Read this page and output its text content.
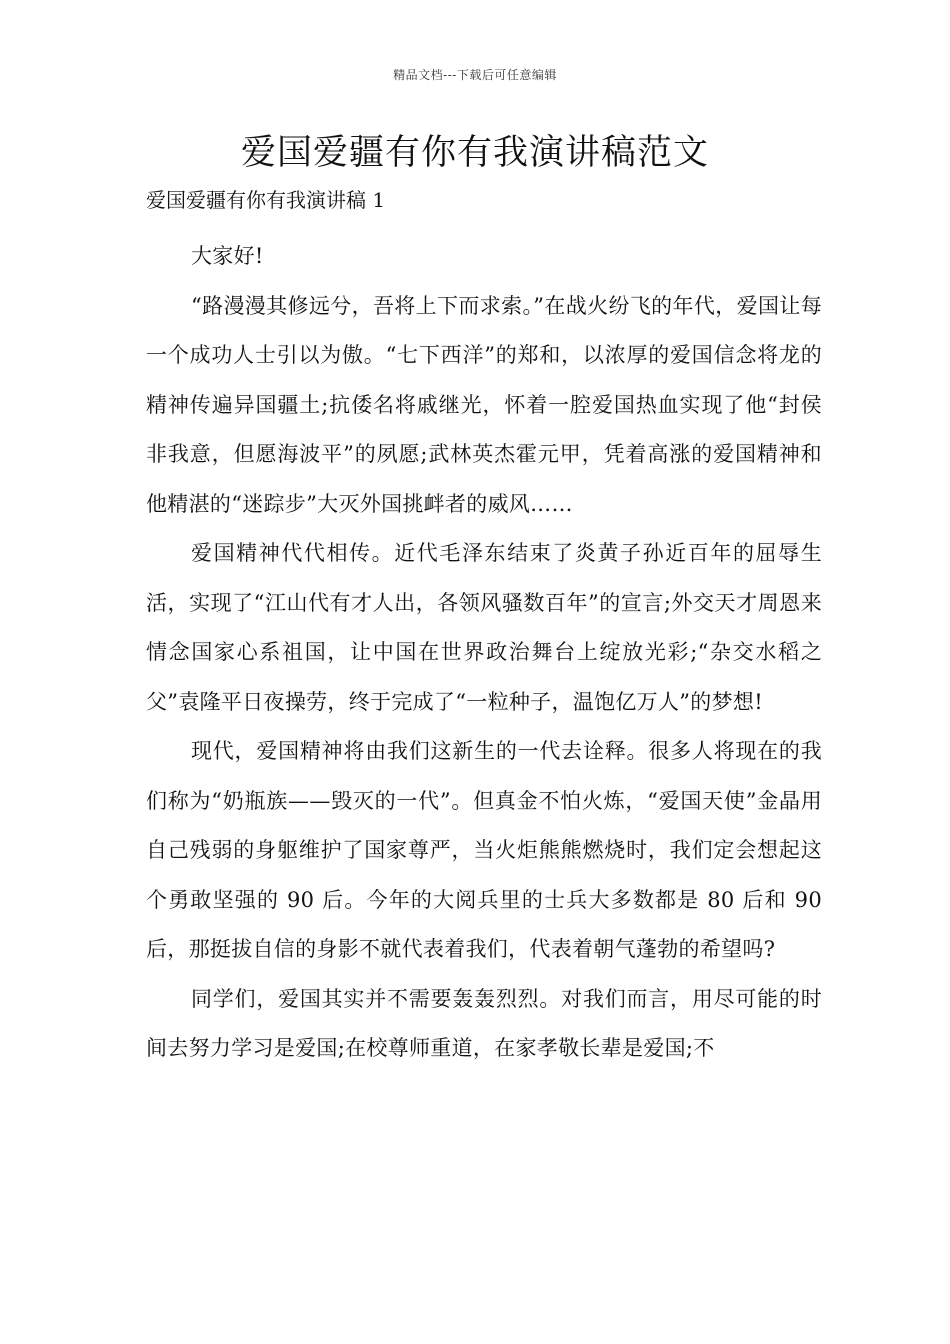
精品文档---下载后可任意编辑
爱国爱疆有你有我演讲稿范文

爱国爱疆有你有我演讲稿 1

大家好!

“路漫漫其修远兮，吾将上下而求索。”在战火纷飞的年代，爱国让每一个成功人士引以为傲。“七下西洋”的郑和，以浓厚的爱国信念将龙的精神传遍异国疆土;抗倭名将戚继光，怀着一腔爱国热血实现了他“封侯非我意，但愿海波平”的夙愿;武林英杰霍元甲，凭着高涨的爱国精神和他精湛的“迷踪步”大灭外国挑衅者的威风……

爱国精神代代相传。近代毛泽东结束了炎黄子孙近百年的屈辱生活，实现了“江山代有才人出，各领风骚数百年”的宣言;外交天才周恩来情念国家心系祖国，让中国在世界政治舞台上绽放光彩;“杂交水稻之父”袁隆平日夜操劳，终于完成了“一粒种子，温饱亿万人”的梦想!

现代，爱国精神将由我们这新生的一代去诠释。很多人将现在的我们称为“奶瓶族——毁灭的一代”。但真金不怕火炼，“爱国天使”金晶用自己残弱的身躯维护了国家尊严，当火炬熊熊燃烧时，我们定会想起这个勇敢坚强的 90 后。今年的大阅兵里的士兵大多数都是 80 后和 90 后，那挺拔自信的身影不就代表着我们，代表着朝气蓬勃的希望吗?

同学们，爱国其实并不需要轰轰烈烈。对我们而言，用尽可能的时间去努力学习是爱国;在校尊师重道，在家孝敬长辈是爱国;不
